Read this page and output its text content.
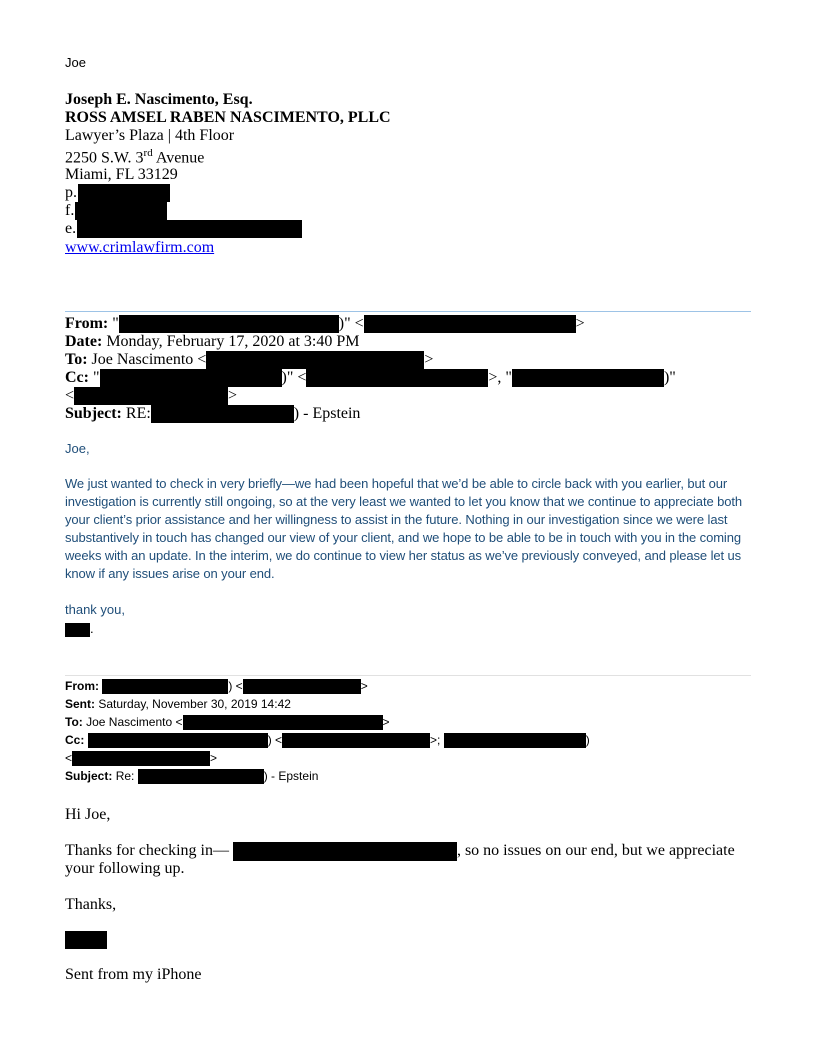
Joe
Joseph E. Nascimento, Esq.
ROSS AMSEL RABEN NASCIMENTO, PLLC
Lawyer’s Plaza | 4th Floor
2250 S.W. 3rd Avenue
Miami, FL 33129
p.
f.
e.
www.crimlawfirm.com
From: "	)" <	>
Date: Monday, February 17, 2020 at 3:40 PM
To: Joe Nascimento <	>
Cc: "	)" <	>, "	)"
<	>
Subject: RE:	) - Epstein
Joe,
We just wanted to check in very briefly—we had been hopeful that we’d be able to circle back with you earlier, but our investigation is currently still ongoing, so at the very least we wanted to let you know that we continue to appreciate both your client’s prior assistance and her willingness to assist in the future. Nothing in our investigation since we were last substantively in touch has changed our view of your client, and we hope to be able to be in touch with you in the coming weeks with an update. In the interim, we do continue to view her status as we’ve previously conveyed, and please let us know if any issues arise on your end.
thank you,
.
From:	) <	>
Sent: Saturday, November 30, 2019 14:42
To: Joe Nascimento <	>
Cc:	) <	>;	)
<	>
Subject: Re:	) - Epstein
Hi Joe,
Thanks for checking in—	, so no issues on our end, but we appreciate
your following up.
Thanks,
Sent from my iPhone
